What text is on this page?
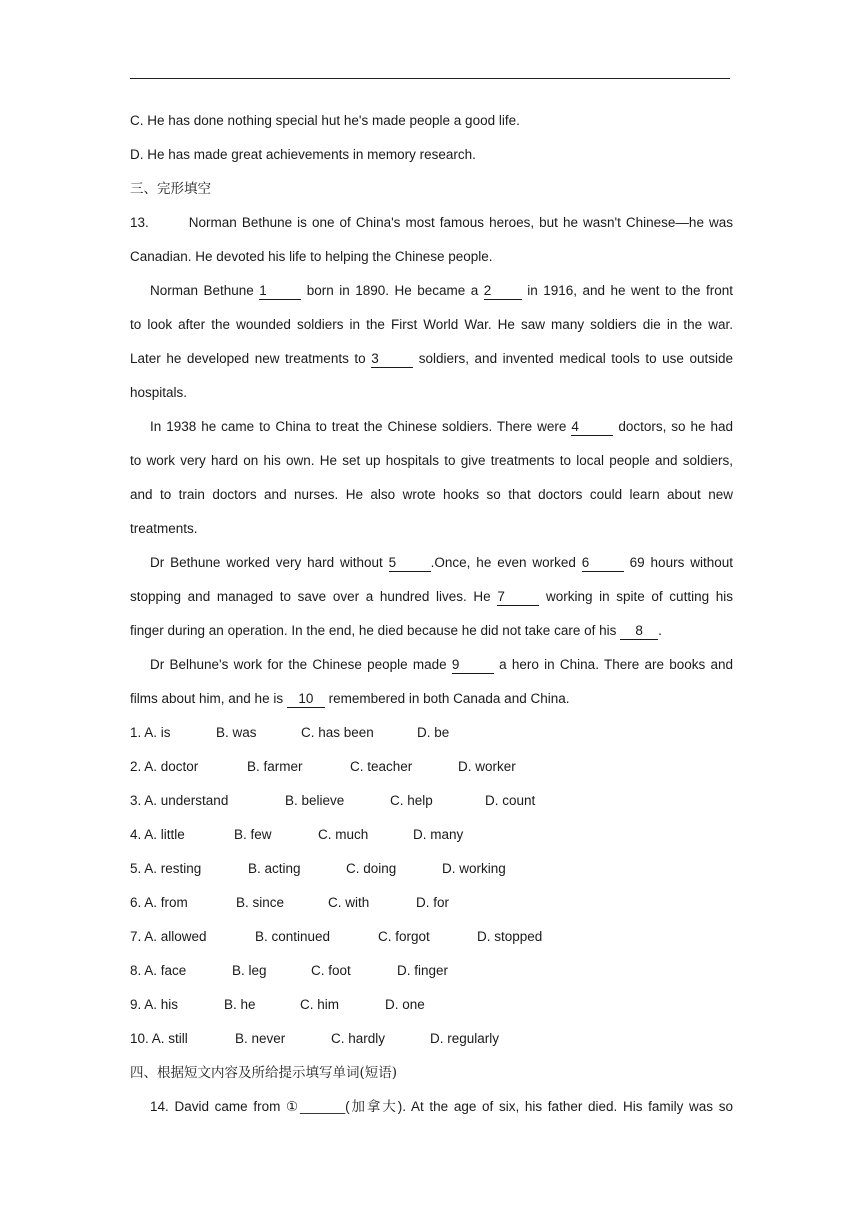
C. He has done nothing special hut he's made people a good life.
D. He has made great achievements in memory research.
三、完形填空
13.	Norman Bethune is one of China's most famous heroes, but he wasn't Chinese—he was
Canadian. He devoted his life to helping the Chinese people.
Norman Bethune 1	born in 1890. He became a 2 in 1916, and he went to the front
to look after the wounded soldiers in the First World War. He saw many soldiers die in the war.
Later he developed new treatments to 3	soldiers, and invented medical tools to use outside
hospitals.
In 1938 he came to China to treat the Chinese soldiers. There were 4	doctors, so he had
to work very hard on his own. He set up hospitals to give treatments to local people and soldiers,
and to train doctors and nurses. He also wrote hooks so that doctors could learn about new
treatments.
Dr Bethune worked very hard without 5	.Once, he even worked 6	69 hours without
stopping and managed to save over a hundred lives. He 7	working in spite of cutting his
finger during an operation. In the end, he died because he did not take care of his 8 .
Dr Belhune's work for the Chinese people made 9	a hero in China. There are books and
films about him, and he is 10 remembered in both Canada and China.
1. A. is	B. was	C. has been	D. be
2. A. doctor	B. farmer	C. teacher	D. worker
3. A. understand	B. believe	C. help	D. count
4. A. little	B. few	C. much	D. many
5. A. resting	B. acting	C. doing	D. working
6. A. from	B. since	C. with	D. for
7. A. allowed	B. continued	C. forgot	D. stopped
8. A. face	B. leg	C. foot	D. finger
9. A. his	B. he	C. him	D. one
10. A. still	B. never	C. hardly	D. regularly
四、根据短文内容及所给提示填写单词(短语)
14. David came from ①______(加拿大). At the age of six, his father died. His family was so
